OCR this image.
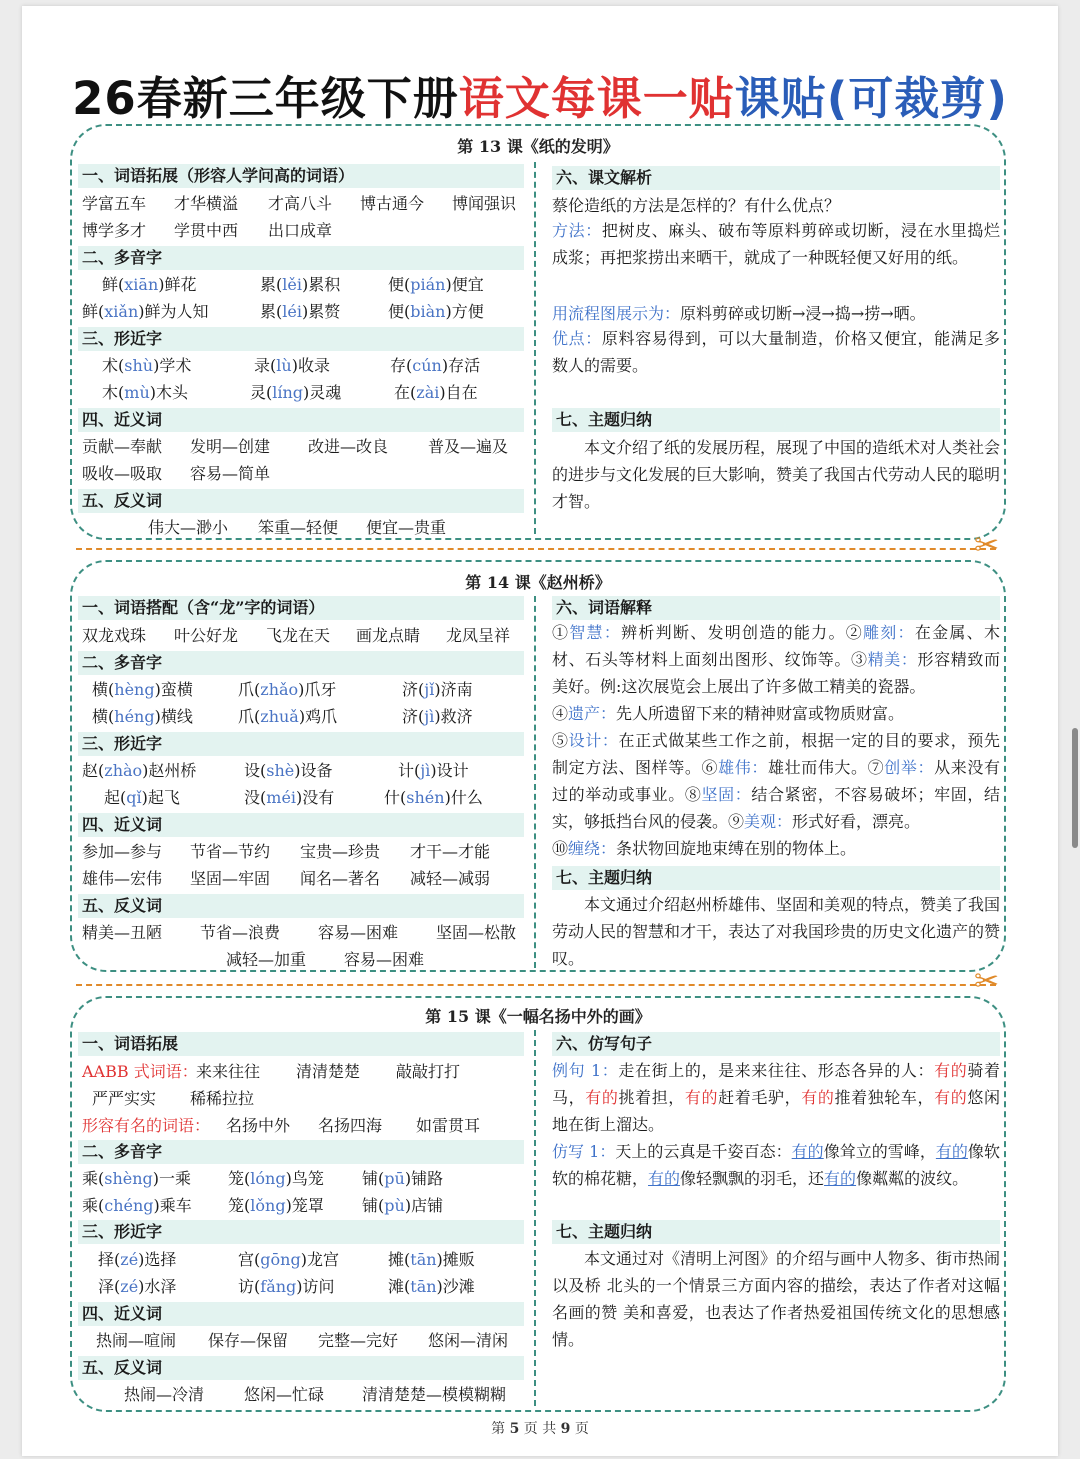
26春新三年级下册语文每课一贴课贴(可裁剪)
第 13 课《纸的发明》
一、词语拓展（形容人学问高的词语）
学富五车 才华横溢 才高八斗 博古通今 博闻强识
博学多才 学贯中西 出口成章
二、多音字
鲜(xiān)鲜花	累(lěi)累积	便(pián)便宜
鲜(xiǎn)鲜为人知	累(léi)累赘	便(biàn)方便
三、形近字
术(shù)学术	录(lù)收录	存(cún)存活
木(mù)木头	灵(líng)灵魂	在(zài)自在
四、近义词
贡献—奉献 发明—创建 改进—改良 普及—遍及
吸收—吸取 容易—简单
五、反义词
伟大—渺小 笨重—轻便 便宜—贵重
六、课文解析
蔡伦造纸的方法是怎样的？有什么优点？
方法：把树皮、麻头、破布等原料剪碎或切断，浸在水里捣烂成浆；再把浆捞出来晒干，就成了一种既轻便又好用的纸。
用流程图展示为：原料剪碎或切断→浸→捣→捞→晒。
优点：原料容易得到，可以大量制造，价格又便宜，能满足多数人的需要。
七、主题归纳
本文介绍了纸的发展历程，展现了中国的造纸术对人类社会的进步与文化发展的巨大影响，赞美了我国古代劳动人民的聪明才智。
✂
第 14 课《赵州桥》
一、词语搭配（含“龙”字的词语）
双龙戏珠 叶公好龙 飞龙在天 画龙点睛 龙凤呈祥
二、多音字
横(hèng)蛮横	爪(zhǎo)爪牙	济(jǐ)济南
横(héng)横线	爪(zhuǎ)鸡爪	济(jì)救济
三、形近字
赵(zhào)赵州桥	设(shè)设备	计(jì)设计
起(qǐ)起飞	没(méi)没有	什(shén)什么
四、近义词
参加—参与 节省—节约 宝贵—珍贵 才干—才能
雄伟—宏伟 坚固—牢固 闻名—著名 减轻—减弱
五、反义词
精美—丑陋 节省—浪费 容易—困难 坚固—松散
减轻—加重 容易—困难
六、词语解释
①智慧：辨析判断、发明创造的能力。②雕刻：在金属、木材、石头等材料上面刻出图形、纹饰等。③精美：形容精致而美好。例:这次展览会上展出了许多做工精美的瓷器。
④遗产：先人所遗留下来的精神财富或物质财富。
⑤设计：在正式做某些工作之前，根据一定的目的要求，预先制定方法、图样等。⑥雄伟：雄壮而伟大。⑦创举：从来没有过的举动或事业。⑧坚固：结合紧密，不容易破坏；牢固，结实，够抵挡台风的侵袭。⑨美观：形式好看，漂亮。
⑩缠绕：条状物回旋地束缚在别的物体上。
七、主题归纳
本文通过介绍赵州桥雄伟、坚固和美观的特点，赞美了我国劳动人民的智慧和才干，表达了对我国珍贵的历史文化遗产的赞叹。
✂
第 15 课《一幅名扬中外的画》
一、词语拓展
AABB 式词语：
来来往往 清清楚楚 敲敲打打
严严实实 稀稀拉拉
形容有名的词语： 名扬中外 名扬四海 如雷贯耳
二、多音字
乘(shèng)一乘 笼(lóng)鸟笼 铺(pū)铺路
乘(chéng)乘车 笼(lǒng)笼罩 铺(pù)店铺
三、形近字
择(zé)选择	宫(gōng)龙宫	摊(tān)摊贩
泽(zé)水泽	访(fǎng)访问	滩(tān)沙滩
四、近义词
热闹—喧闹 保存—保留 完整—完好 悠闲—清闲
五、反义词
热闹—冷清 悠闲—忙碌 清清楚楚—模模糊糊
六、仿写句子
例句 1：走在街上的，是来来往往、形态各异的人：有的骑着马，有的挑着担，有的赶着毛驴，有的推着独轮车，有的悠闲地在街上溜达。
仿写 1：天上的云真是千姿百态：有的像耸立的雪峰，有的像软软的棉花糖，有的像轻飘飘的羽毛，还有的像粼粼的波纹。
七、主题归纳
本文通过对《清明上河图》的介绍与画中人物多、街市热闹以及桥 北头的一个情景三方面内容的描绘，表达了作者对这幅名画的赞 美和喜爱，也表达了作者热爱祖国传统文化的思想感情。
第 5 页 共 9 页
